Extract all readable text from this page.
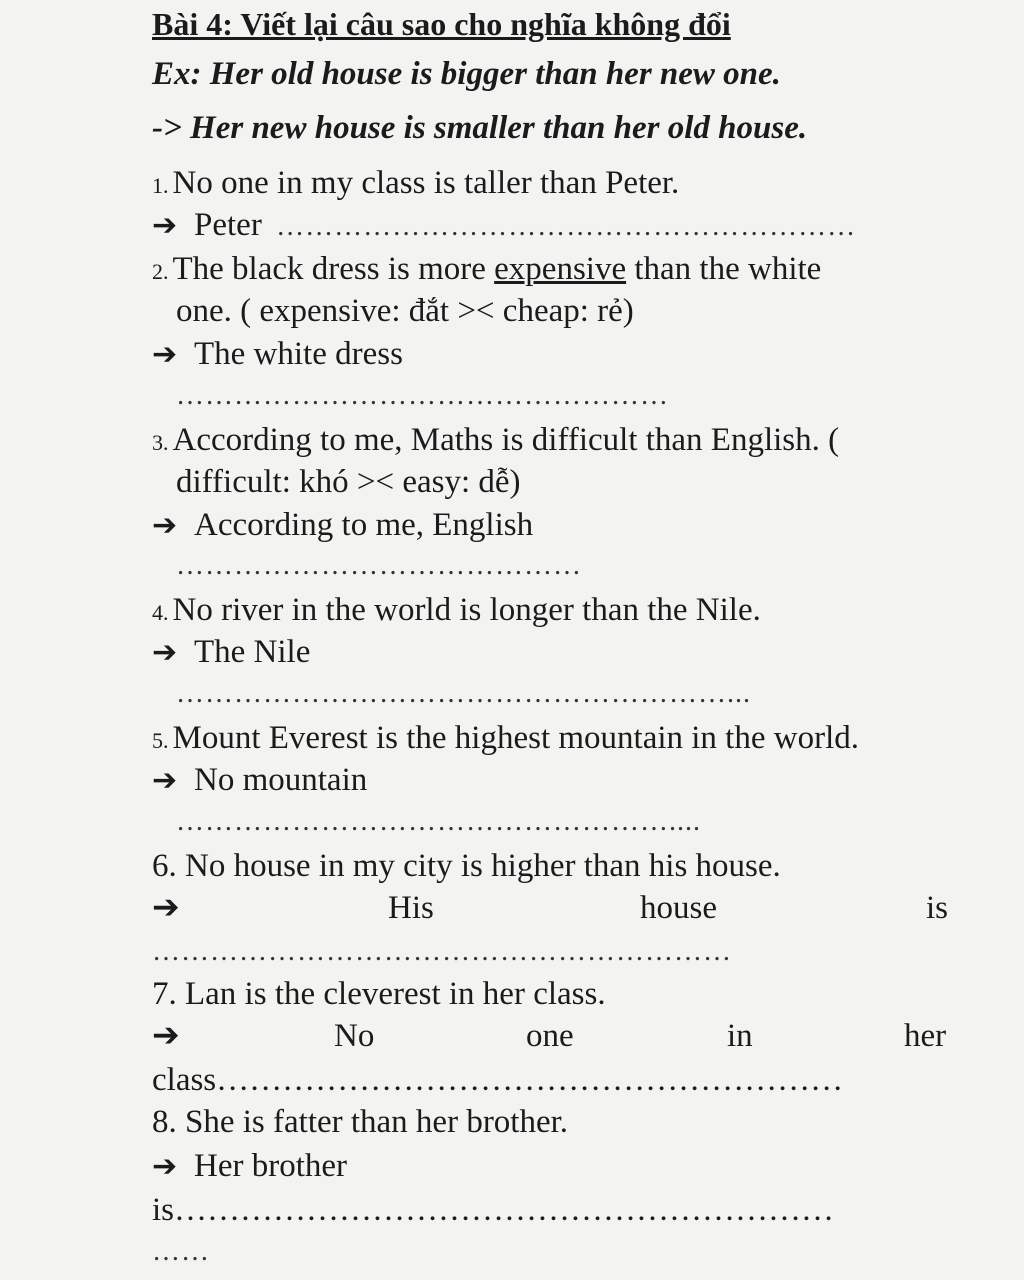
Bài 4: Viết lại câu sao cho nghĩa không đổi
Ex: Her old house is bigger than her new one.
-> Her new house is smaller than her old house.
1. No one in my class is taller than Peter.
➔ Peter ……………………………………………………
2. The black dress is more expensive than the white
one. ( expensive: đắt >< cheap: rẻ)
➔ The white dress
……………………………………………
3. According to me, Maths is difficult than English. (
difficult: khó >< easy: dễ)
➔ According to me, English
……………………………………
4. No river in the world is longer than the Nile.
➔ The Nile
…………………………………………………...
5. Mount Everest is the highest mountain in the world.
➔ No mountain
……………………………………………....
6. No house in my city is higher than his house.
➔	His	house	is
……………………………………………………
7. Lan is the cleverest in her class.
➔	No	one	in	her
class…………………………………………………
8. She is fatter than her brother.
➔ Her brother
is……………………………………………………
……
